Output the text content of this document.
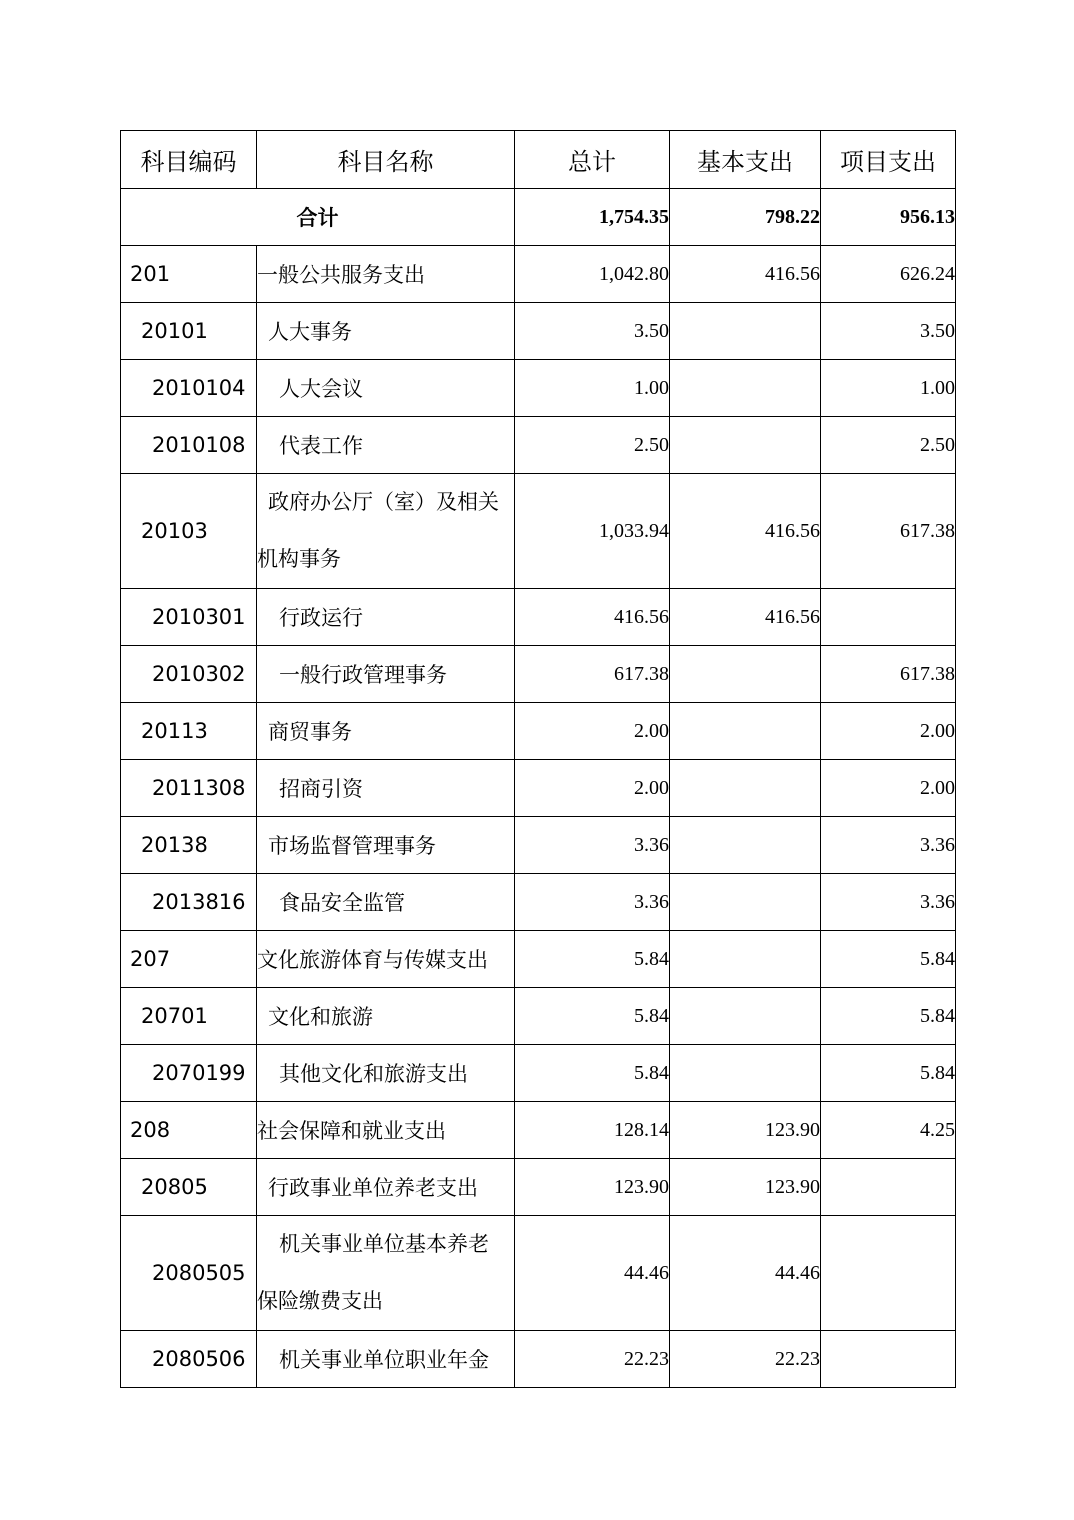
科目编码	科目名称	总计	基本支出	项目支出
合计		1,754.35	798.22	956.13
201	一般公共服务支出	1,042.80	416.56	626.24
20101	人大事务	3.50		3.50
2010104	人大会议	1.00		1.00
2010108	代表工作	2.50		2.50
20103	政府办公厅（室）及相关机构事务	1,033.94	416.56	617.38
2010301	行政运行	416.56	416.56	
2010302	一般行政管理事务	617.38		617.38
20113	商贸事务	2.00		2.00
2011308	招商引资	2.00		2.00
20138	市场监督管理事务	3.36		3.36
2013816	食品安全监管	3.36		3.36
207	文化旅游体育与传媒支出	5.84		5.84
20701	文化和旅游	5.84		5.84
2070199	其他文化和旅游支出	5.84		5.84
208	社会保障和就业支出	128.14	123.90	4.25
20805	行政事业单位养老支出	123.90	123.90	
2080505	机关事业单位基本养老保险缴费支出	44.46	44.46	
2080506	机关事业单位职业年金	22.23	22.23	
